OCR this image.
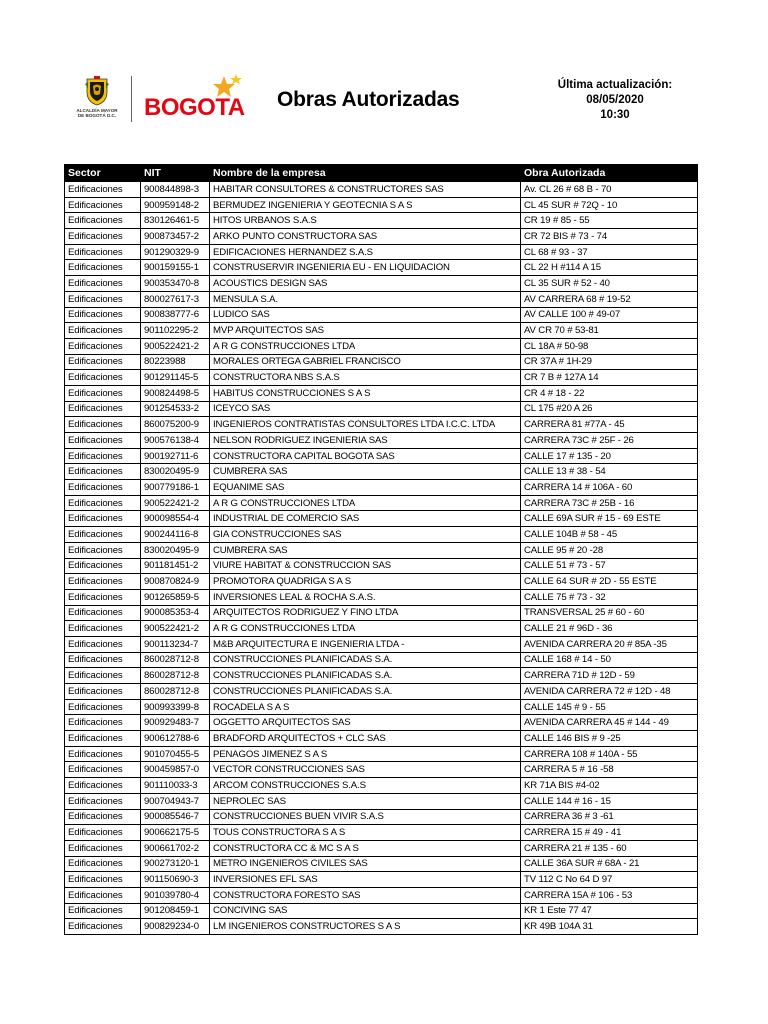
ALCALDÍA MAYOR
DE BOGOTÁ D.C.	BOGOTA Obras Autorizadas
Última actualización:
08/05/2020
10:30
Sector	NIT	Nombre de la empresa	Obra Autorizada
Edificaciones	900844898-3	HABITAR CONSULTORES & CONSTRUCTORES SAS	Av. CL 26 # 68 B - 70
Edificaciones	900959148-2	BERMUDEZ INGENIERIA Y GEOTECNIA S A S	CL 45 SUR # 72Q - 10
Edificaciones	830126461-5	HITOS URBANOS S.A.S	CR 19 # 85 - 55
Edificaciones	900873457-2	ARKO PUNTO CONSTRUCTORA SAS	CR 72 BIS # 73 - 74
Edificaciones	901290329-9	EDIFICACIONES HERNANDEZ S.A.S	CL 68 # 93 - 37
Edificaciones	900159155-1	CONSTRUSERVIR INGENIERIA EU - EN LIQUIDACION	CL 22 H #114 A 15
Edificaciones	900353470-8	ACOUSTICS DESIGN SAS	CL 35 SUR # 52 - 40
Edificaciones	800027617-3	MENSULA S.A.	AV CARRERA 68 # 19-52
Edificaciones	900838777-6	LUDICO SAS	AV CALLE 100 # 49-07
Edificaciones	901102295-2	MVP ARQUITECTOS SAS	AV CR 70 # 53-81
Edificaciones	900522421-2	A R G CONSTRUCCIONES LTDA	CL 18A # 50-98
Edificaciones	80223988	MORALES ORTEGA GABRIEL FRANCISCO	CR 37A # 1H-29
Edificaciones	901291145-5	CONSTRUCTORA NBS S.A.S	CR 7 B # 127A 14
Edificaciones	900824498-5	HABITUS CONSTRUCCIONES S A S	CR 4 # 18 - 22
Edificaciones	901254533-2	ICEYCO SAS	CL 175 #20 A 26
Edificaciones	860075200-9	INGENIEROS CONTRATISTAS CONSULTORES LTDA I.C.C. LTDA	CARRERA 81 #77A - 45
Edificaciones	900576138-4	NELSON RODRIGUEZ INGENIERIA SAS	CARRERA 73C # 25F - 26
Edificaciones	900192711-6	CONSTRUCTORA CAPITAL BOGOTA SAS	CALLE 17 # 135 - 20
Edificaciones	830020495-9	CUMBRERA SAS	CALLE 13 # 38 - 54
Edificaciones	900779186-1	EQUANIME SAS	CARRERA 14 # 106A - 60
Edificaciones	900522421-2	A R G CONSTRUCCIONES LTDA	CARRERA 73C # 25B - 16
Edificaciones	900098554-4	INDUSTRIAL DE COMERCIO SAS	CALLE 69A SUR # 15 - 69 ESTE
Edificaciones	900244116-8	GIA CONSTRUCCIONES SAS	CALLE 104B # 58 - 45
Edificaciones	830020495-9	CUMBRERA SAS	CALLE 95 # 20 -28
Edificaciones	901181451-2	VIURE HABITAT & CONSTRUCCION SAS	CALLE 51 # 73 - 57
Edificaciones	900870824-9	PROMOTORA QUADRIGA S A S	CALLE 64 SUR # 2D - 55 ESTE
Edificaciones	901265859-5	INVERSIONES LEAL & ROCHA S.A.S.	CALLE 75 # 73 - 32
Edificaciones	900085353-4	ARQUITECTOS RODRIGUEZ Y FINO LTDA	TRANSVERSAL 25 # 60 - 60
Edificaciones	900522421-2	A R G CONSTRUCCIONES LTDA	CALLE 21 # 96D - 36
Edificaciones	900113234-7	M&B ARQUITECTURA E INGENIERIA LTDA -	AVENIDA CARRERA 20 # 85A -35
Edificaciones	860028712-8	CONSTRUCCIONES PLANIFICADAS S.A.	CALLE 168 # 14 - 50
Edificaciones	860028712-8	CONSTRUCCIONES PLANIFICADAS S.A.	CARRERA 71D # 12D - 59
Edificaciones	860028712-8	CONSTRUCCIONES PLANIFICADAS S.A.	AVENIDA CARRERA 72 # 12D - 48
Edificaciones	900993399-8	ROCADELA S A S	CALLE 145 # 9 - 55
Edificaciones	900929483-7	OGGETTO ARQUITECTOS SAS	AVENIDA CARRERA 45 # 144 - 49
Edificaciones	900612788-6	BRADFORD ARQUITECTOS + CLC SAS	CALLE 146 BIS # 9 -25
Edificaciones	901070455-5	PENAGOS JIMENEZ S A S	CARRERA 108 # 140A - 55
Edificaciones	900459857-0	VECTOR CONSTRUCCIONES SAS	CARRERA 5 # 16 -58
Edificaciones	901110033-3	ARCOM CONSTRUCCIONES S.A.S	KR 71A BIS #4-02
Edificaciones	900704943-7	NEPROLEC SAS	CALLE 144 # 16 - 15
Edificaciones	900085546-7	CONSTRUCCIONES BUEN VIVIR S.A.S	CARRERA 36 # 3 -61
Edificaciones	900662175-5	TOUS CONSTRUCTORA S A S	CARRERA 15 # 49 - 41
Edificaciones	900661702-2	CONSTRUCTORA CC & MC S A S	CARRERA 21 # 135 - 60
Edificaciones	900273120-1	METRO INGENIEROS CIVILES SAS	CALLE 36A SUR # 68A - 21
Edificaciones	901150690-3	INVERSIONES EFL SAS	TV 112 C No 64 D 97
Edificaciones	901039780-4	CONSTRUCTORA FORESTO SAS	CARRERA 15A # 106 - 53
Edificaciones	901208459-1	CONCIVING SAS	KR 1 Este 77 47
Edificaciones	900829234-0	LM INGENIEROS CONSTRUCTORES S A S	KR 49B 104A 31
